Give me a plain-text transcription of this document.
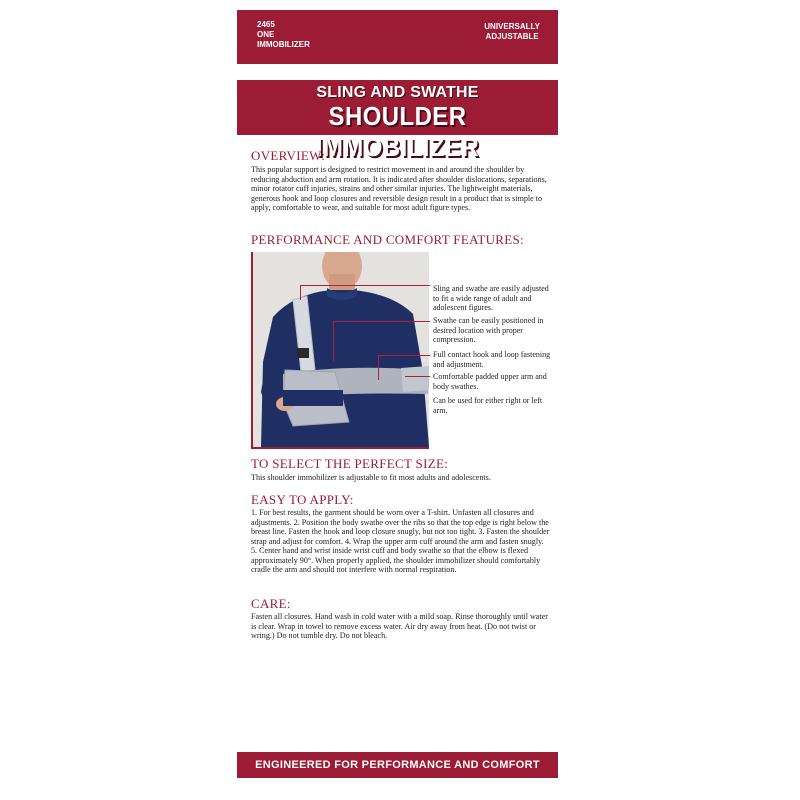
2465
ONE
IMMOBILIZER
UNIVERSALLY
ADJUSTABLE
SLING AND SWATHE
SHOULDER IMMOBILIZER
OVERVIEW:
This popular support is designed to restrict movement in and around the shoulder by reducing abduction and arm rotation. It is indicated after shoulder dislocations, separations, minor rotator cuff injuries, strains and other similar injuries. The lightweight materials, generous hook and loop closures and reversible design result in a product that is simple to apply, comfortable to wear, and suitable for most adult figure types.
PERFORMANCE AND COMFORT FEATURES:
Sling and swathe are easily adjusted to fit a wide range of adult and adolescent figures.
Swathe can be easily positioned in desired location with proper compression.
Full contact hook and loop fastening and adjustment.
Comfortable padded upper arm and body swathes.
Can be used for either right or left arm.
TO SELECT THE PERFECT SIZE:
This shoulder immobilizer is adjustable to fit most adults and adolescents.
EASY TO APPLY:
1. For best results, the garment should be worn over a T-shirt. Unfasten all closures and adjustments. 2. Position the body swathe over the ribs so that the top edge is right below the breast line. Fasten the hook and loop closure snugly, but not too tight. 3. Fasten the shoulder strap and adjust for comfort. 4. Wrap the upper arm cuff around the arm and fasten snugly. 5. Center hand and wrist inside wrist cuff and body swathe so that the elbow is flexed approximately 90°. When properly applied, the shoulder immobilizer should comfortably cradle the arm and should not interfere with normal respiration.
CARE:
Fasten all closures. Hand wash in cold water with a mild soap. Rinse thoroughly until water is clear. Wrap in towel to remove excess water. Air dry away from heat. (Do not twist or wring.) Do not tumble dry. Do not bleach.
ENGINEERED FOR PERFORMANCE AND COMFORT
